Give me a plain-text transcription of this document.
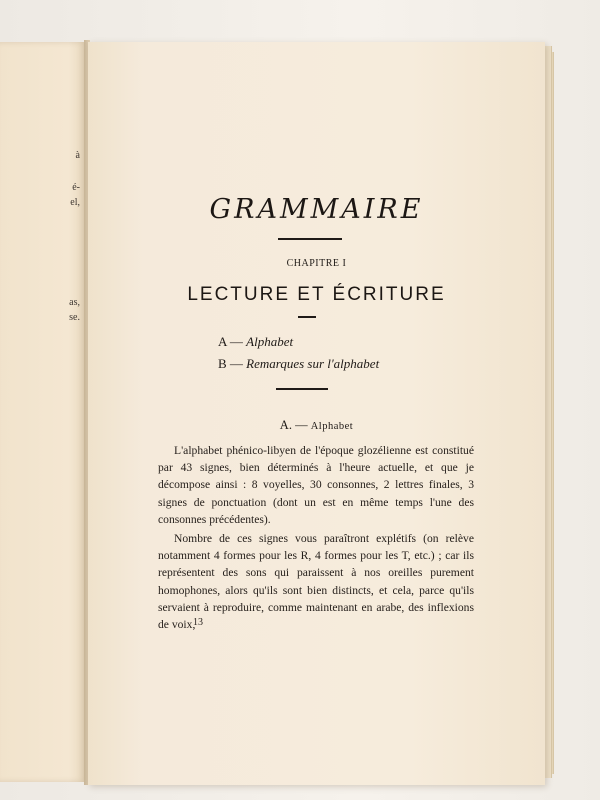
à
é-
el,
as,
se.
GRAMMAIRE
CHAPITRE I
LECTURE ET ÉCRITURE
A — Alphabet
B — Remarques sur l'alphabet
A. — Alphabet

L'alphabet phénico-libyen de l'époque glozélienne est constitué par 43 signes, bien déterminés à l'heure actuelle, et que je décompose ainsi : 8 voyelles, 30 consonnes, 2 lettres finales, 3 signes de ponctuation (dont un est en même temps l'une des consonnes précédentes).

Nombre de ces signes vous paraîtront explétifs (on relève notamment 4 formes pour les R, 4 formes pour les T, etc.) ; car ils représentent des sons qui paraissent à nos oreilles purement homophones, alors qu'ils sont bien distincts, et cela, parce qu'ils servaient à reproduire, comme maintenant en arabe, des inflexions de voix,

13
